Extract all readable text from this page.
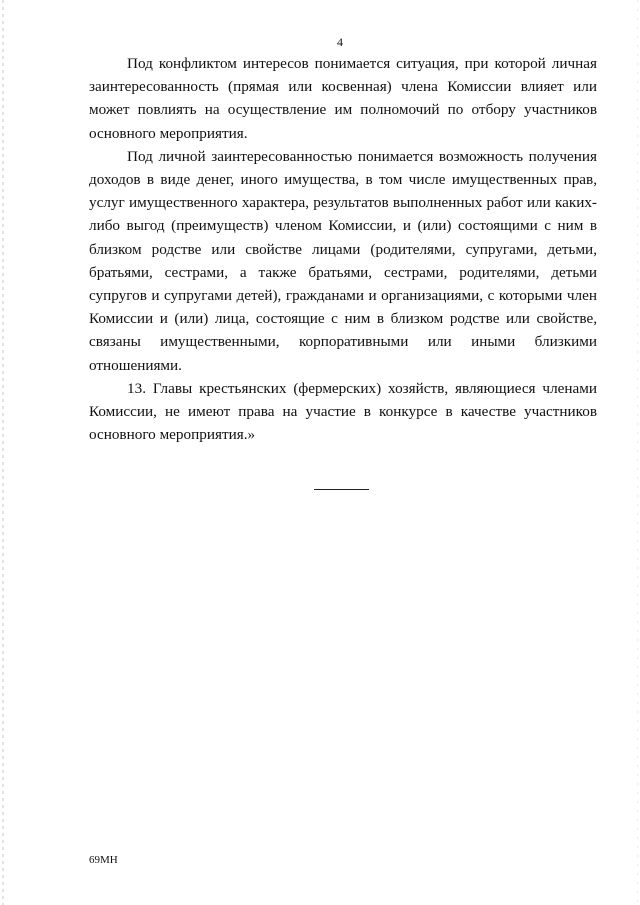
4

Под конфликтом интересов понимается ситуация, при которой личная заинтересованность (прямая или косвенная) члена Комиссии влияет или может повлиять на осуществление им полномочий по отбору участников основного мероприятия.

Под личной заинтересованностью понимается возможность получения доходов в виде денег, иного имущества, в том числе имущественных прав, услуг имущественного характера, результатов выполненных работ или каких- либо выгод (преимуществ) членом Комиссии, и (или) состоящими с ним в близком родстве или свойстве лицами (родителями, супругами, детьми, братьями, сестрами, а также братьями, сестрами, родителями, детьми супругов и супругами детей), гражданами и организациями, с которыми член Комиссии и (или) лица, состоящие с ним в близком родстве или свойстве, связаны имущественными, корпоративными или иными близкими отношениями.

13. Главы крестьянских (фермерских) хозяйств, являющиеся членами Комиссии, не имеют права на участие в конкурсе в качестве участников основного мероприятия.»

69МН
